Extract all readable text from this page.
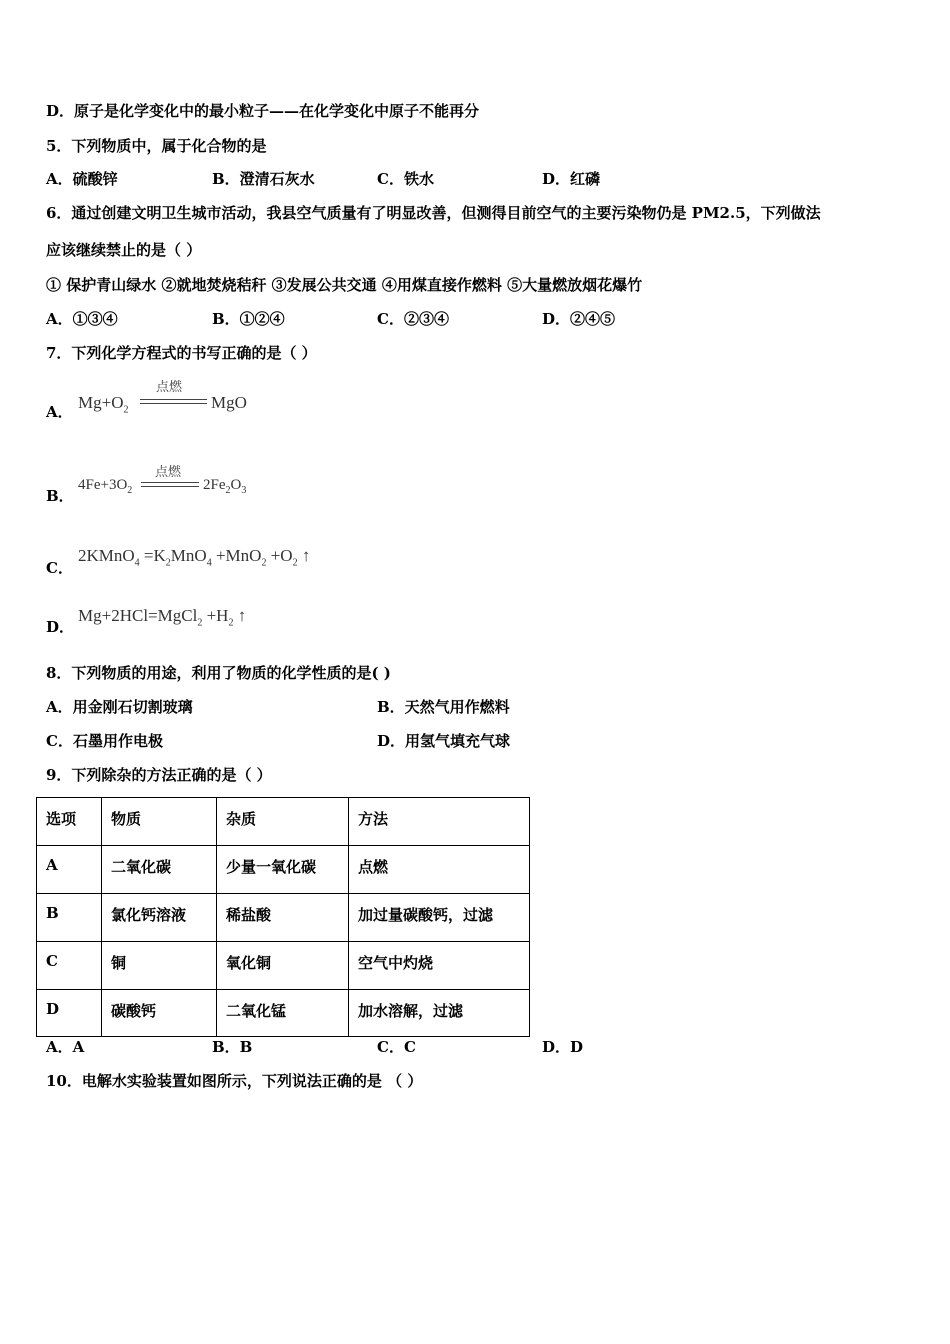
D．原子是化学变化中的最小粒子——在化学变化中原子不能再分
5．下列物质中，属于化合物的是
A．硫酸锌	B．澄清石灰水	C．铁水	D．红磷
6．通过创建文明卫生城市活动，我县空气质量有了明显改善，但测得目前空气的主要污染物仍是 PM2.5，下列做法
应该继续禁止的是（ ）
① 保护青山绿水 ②就地焚烧秸秆 ③发展公共交通 ④用煤直接作燃料 ⑤大量燃放烟花爆竹
A．①③④	B．①②④	C．②③④	D．②④⑤
7．下列化学方程式的书写正确的是（ ）
A． $Mg+O_2$
点燃
MgO
B．
$4Fe+3O_2$
点燃
$2Fe_2O_3$
C．
2KMnO$_4$ $=K_2MnO_4 +MnO_2 +O_2$ ↑
D．
Mg+2HCl=MgCl$_2$ $+H_2$ ↑
8．下列物质的用途，利用了物质的化学性质的是( )
A．用金刚石切割玻璃	B．天然气用作燃料
C．石墨用作电极	D．用氢气填充气球
9．下列除杂的方法正确的是（ ）
选项	物质	杂质	方法
A	二氧化碳	少量一氧化碳	点燃
B	氯化钙溶液	稀盐酸	加过量碳酸钙，过滤
C	铜	氧化铜	空气中灼烧
D	碳酸钙	二氧化锰	加水溶解，过滤
A．A	B．B	C．C	D．D
10．电解水实验装置如图所示，下列说法正确的是 （ ）
